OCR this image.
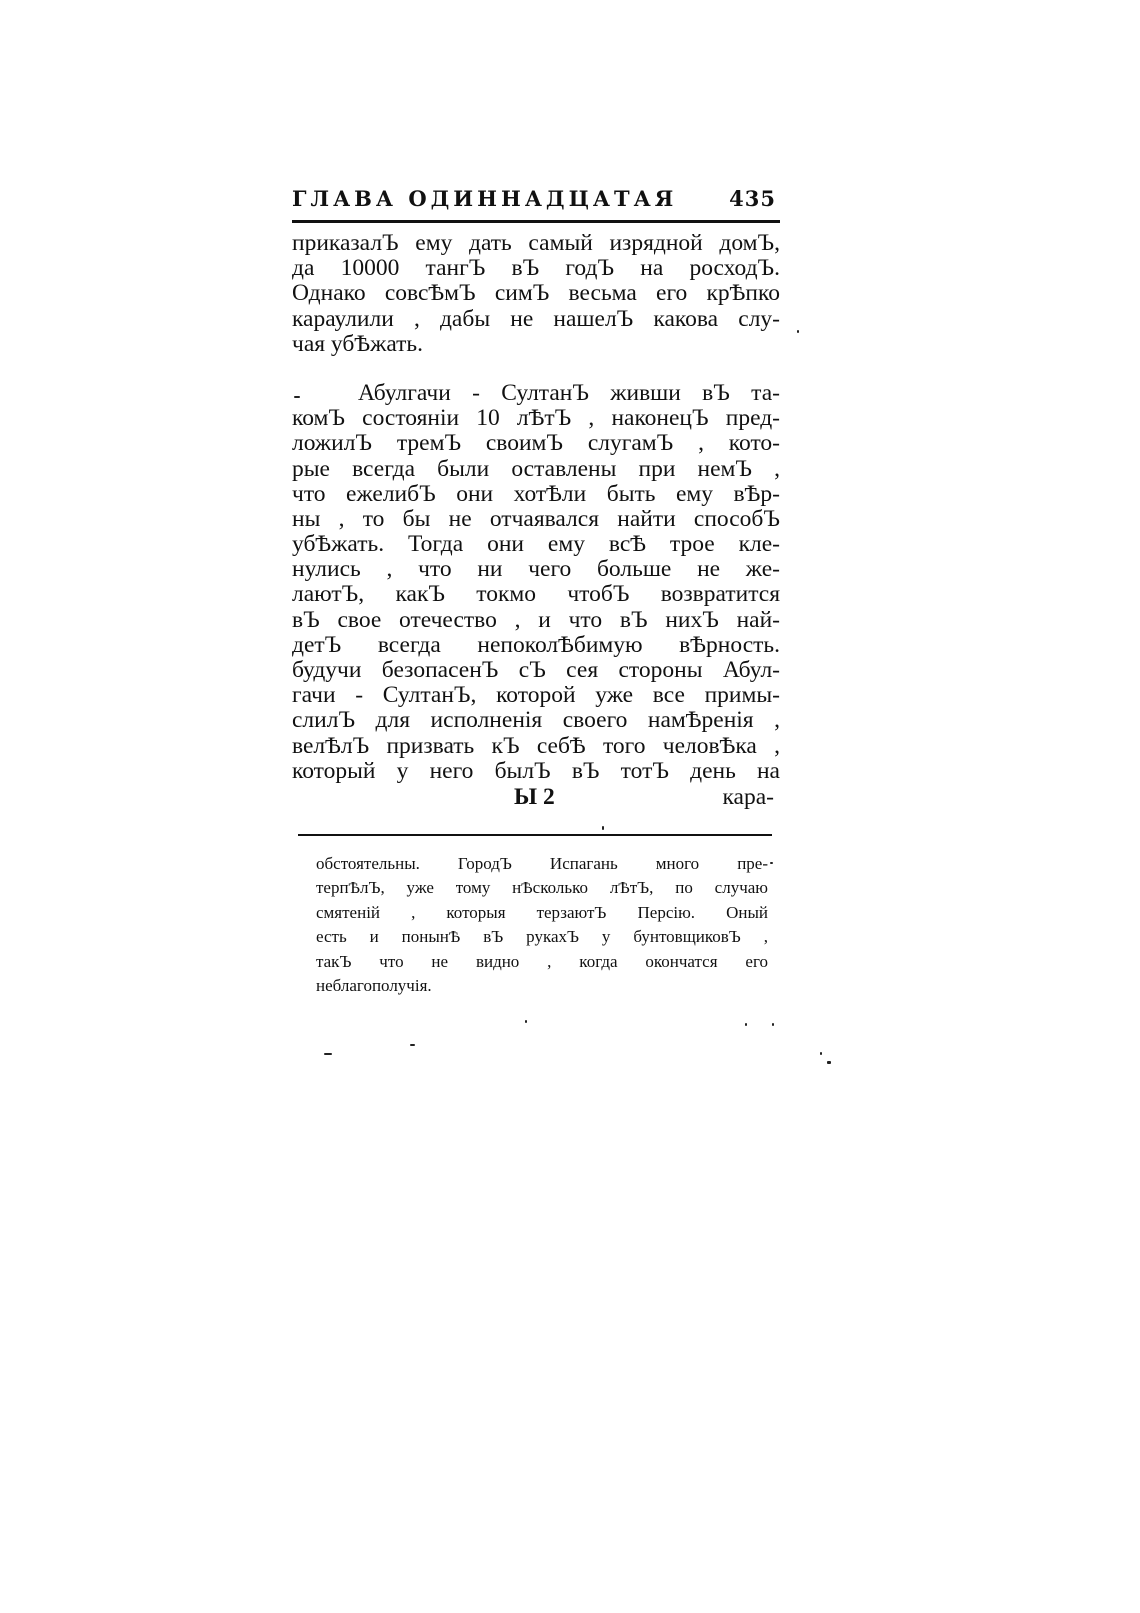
ГЛАВА ОДИННАДЦАТАЯ 435
приказалЪ ему дать самый изрядной домЪ,
да 10000 тангЪ вЪ годЪ на росходЪ.
Однако совсѢмЪ симЪ весьма его крѢпко
караулили , дабы не нашелЪ какова слу-
чая убѢжать.
Абулгачи - СултанЪ живши вЪ та-
комЪ состоянiи 10 лѢтЪ , наконецЪ пред-
ложилЪ тремЪ своимЪ слугамЪ , кото-
рые всегда были оставлены при немЪ ,
что ежелибЪ они хотѢли быть ему вѢр-
ны , то бы не отчаявался найти способЪ
убѢжать. Тогда они ему всѢ трое кле-
нулись , что ни чего больше не же-
лаютЪ, какЪ токмо чтобЪ возвратится
вЪ свое отечество , и что вЪ нихЪ най-
детЪ всегда непоколѢбимую вѢрность.
будучи безопасенЪ сЪ сея стороны Абул-
гачи - СултанЪ, которой уже все примы-
слилЪ для исполненiя своего намѢренiя ,
велѢлЪ призвать кЪ себѢ того человѢка ,
который у него былЪ вЪ тотЪ день на
Ы 2	кара-
обстоятельны. ГородЪ Испагань много пре-
терпѢлЪ, уже тому нѢсколько лѢтЪ, по случаю
смятенiй , которыя терзаютЪ Персiю. Оный
есть и понынѢ вЪ рукахЪ у бунтовщиковЪ ,
такЪ что не видно , когда окончатся его
неблагополучiя.
